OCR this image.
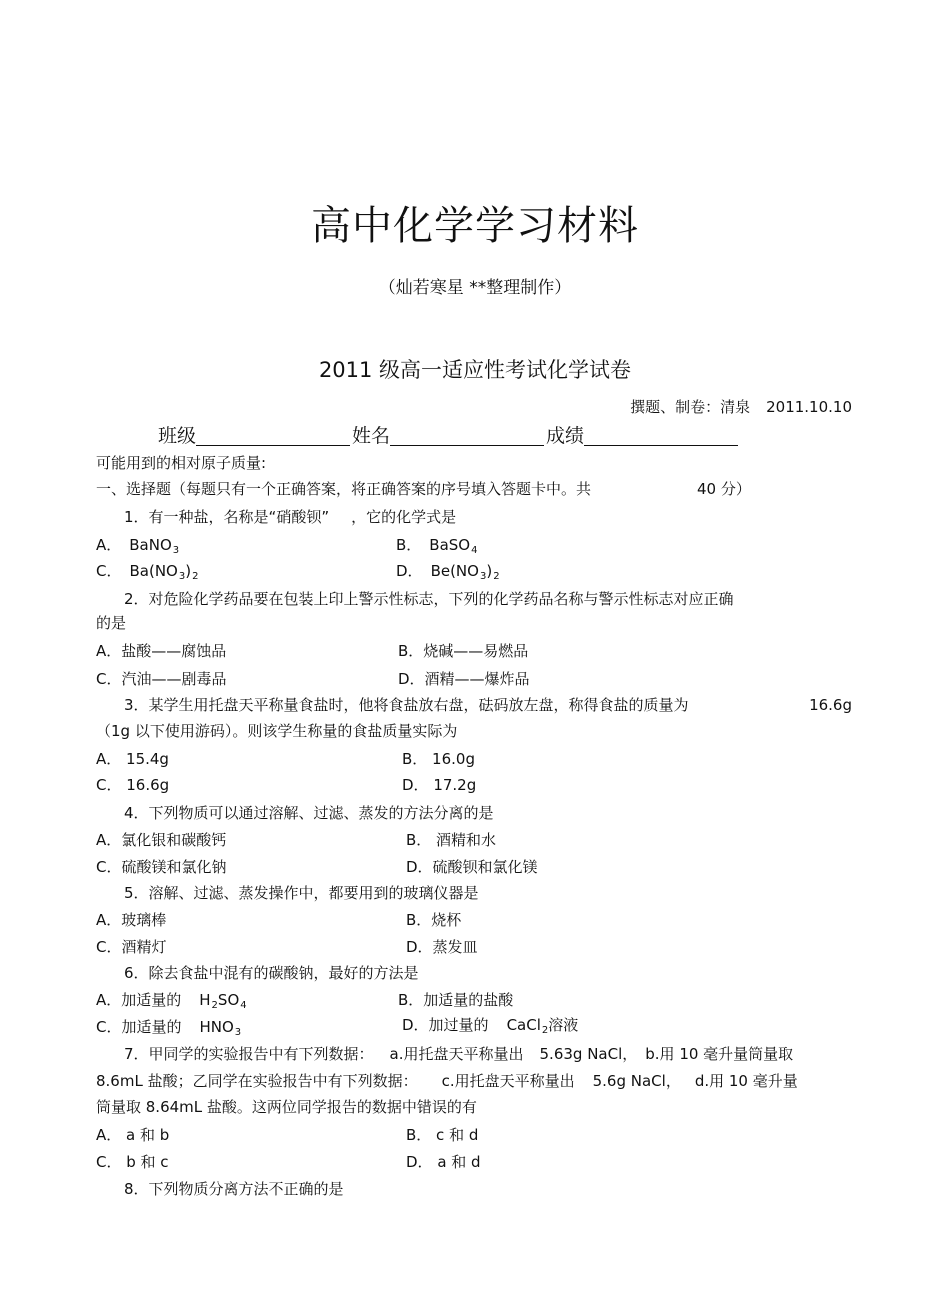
高中化学学习材料
（灿若寒星 **整理制作）
2011 级高一适应性考试化学试卷
撰题、制卷：清泉 2011.10.10
班级	姓名	成绩
可能用到的相对原子质量:
一、选择题（每题只有一个正确答案，将正确答案的序号填入答题卡中。共	40 分）
1．有一种盐，名称是“硝酸钡” ，它的化学式是
A． BaNO$_3$	B． BaSO$_4$
C． $Ba(NO_3)_2$	D． $Be(NO_3)_2$
2．对危险化学药品要在包装上印上警示性标志，下列的化学药品名称与警示性标志对应正确
的是
A．盐酸——腐蚀品	B．烧碱——易燃品
C．汽油——剧毒品	D．酒精——爆炸品
3．某学生用托盘天平称量食盐时，他将食盐放右盘，砝码放左盘，称得食盐的质量为	16.6g
（1g 以下使用游码）。则该学生称量的食盐质量实际为
A． 15.4g	B． 16.0g
C． 16.6g	D． 17.2g
4．下列物质可以通过溶解、过滤、蒸发的方法分离的是
A．氯化银和碳酸钙	B． 酒精和水
C．硫酸镁和氯化钠	D．硫酸钡和氯化镁
5．溶解、过滤、蒸发操作中，都要用到的玻璃仪器是
A．玻璃棒	B．烧杯
C．酒精灯	D．蒸发皿
6．除去食盐中混有的碳酸钠，最好的方法是
A．加适量的 $H_2SO_4$	B．加适量的盐酸
C．加适量的 $HNO_3$	D．加过量的 CaCl$_2$溶液
7．甲同学的实验报告中有下列数据： a.用托盘天平称量出 5.63g NaCl， b.用 10 毫升量筒量取
8.6mL 盐酸；乙同学在实验报告中有下列数据： c.用托盘天平称量出 5.6g NaCl， d.用 10 毫升量
筒量取 8.64mL 盐酸。这两位同学报告的数据中错误的有
A． a 和 b	B． c 和 d
C． b 和 c	D． a 和 d
8．下列物质分离方法不正确的是
